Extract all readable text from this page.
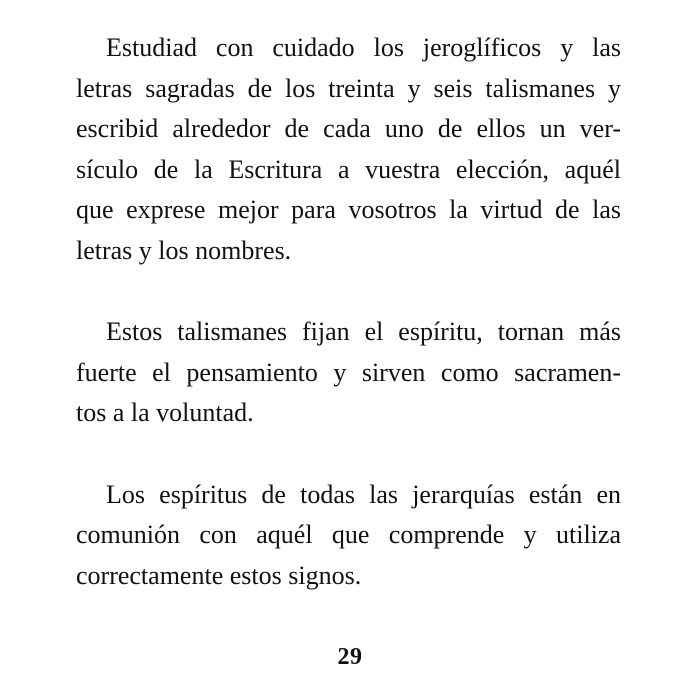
Estudiad con cuidado los jeroglíficos y las
letras sagradas de los treinta y seis talismanes y
escribid alrededor de cada uno de ellos un ver-
sículo de la Escritura a vuestra elección, aquél
que exprese mejor para vosotros la virtud de las
letras y los nombres.

Estos talismanes fijan el espíritu, tornan más
fuerte el pensamiento y sirven como sacramen-
tos a la voluntad.

Los espíritus de todas las jerarquías están en
comunión con aquél que comprende y utiliza
correctamente estos signos.

29
